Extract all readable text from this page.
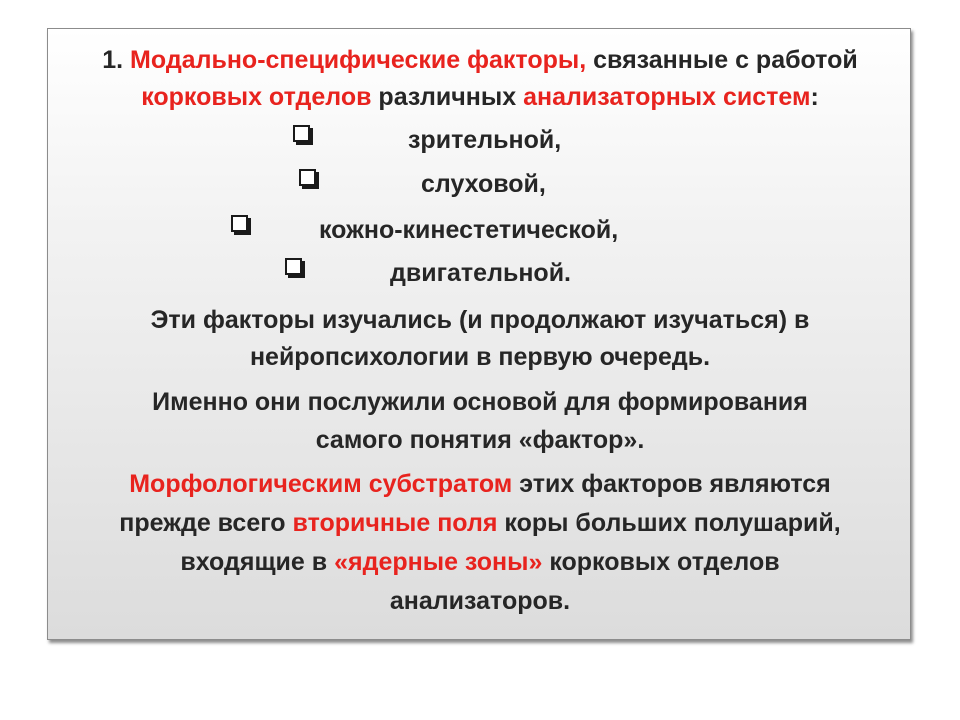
1. Модально-специфические факторы, связанные с работой
корковых отделов различных анализаторных систем:
зрительной,
слуховой,
кожно-кинестетической,
двигательной.
Эти факторы изучались (и продолжают изучаться) в
нейропсихологии в первую очередь.
Именно они послужили основой для формирования
самого понятия «фактор».
Морфологическим субстратом этих факторов являются
прежде всего вторичные поля коры больших полушарий,
входящие в «ядерные зоны» корковых отделов
анализаторов.
